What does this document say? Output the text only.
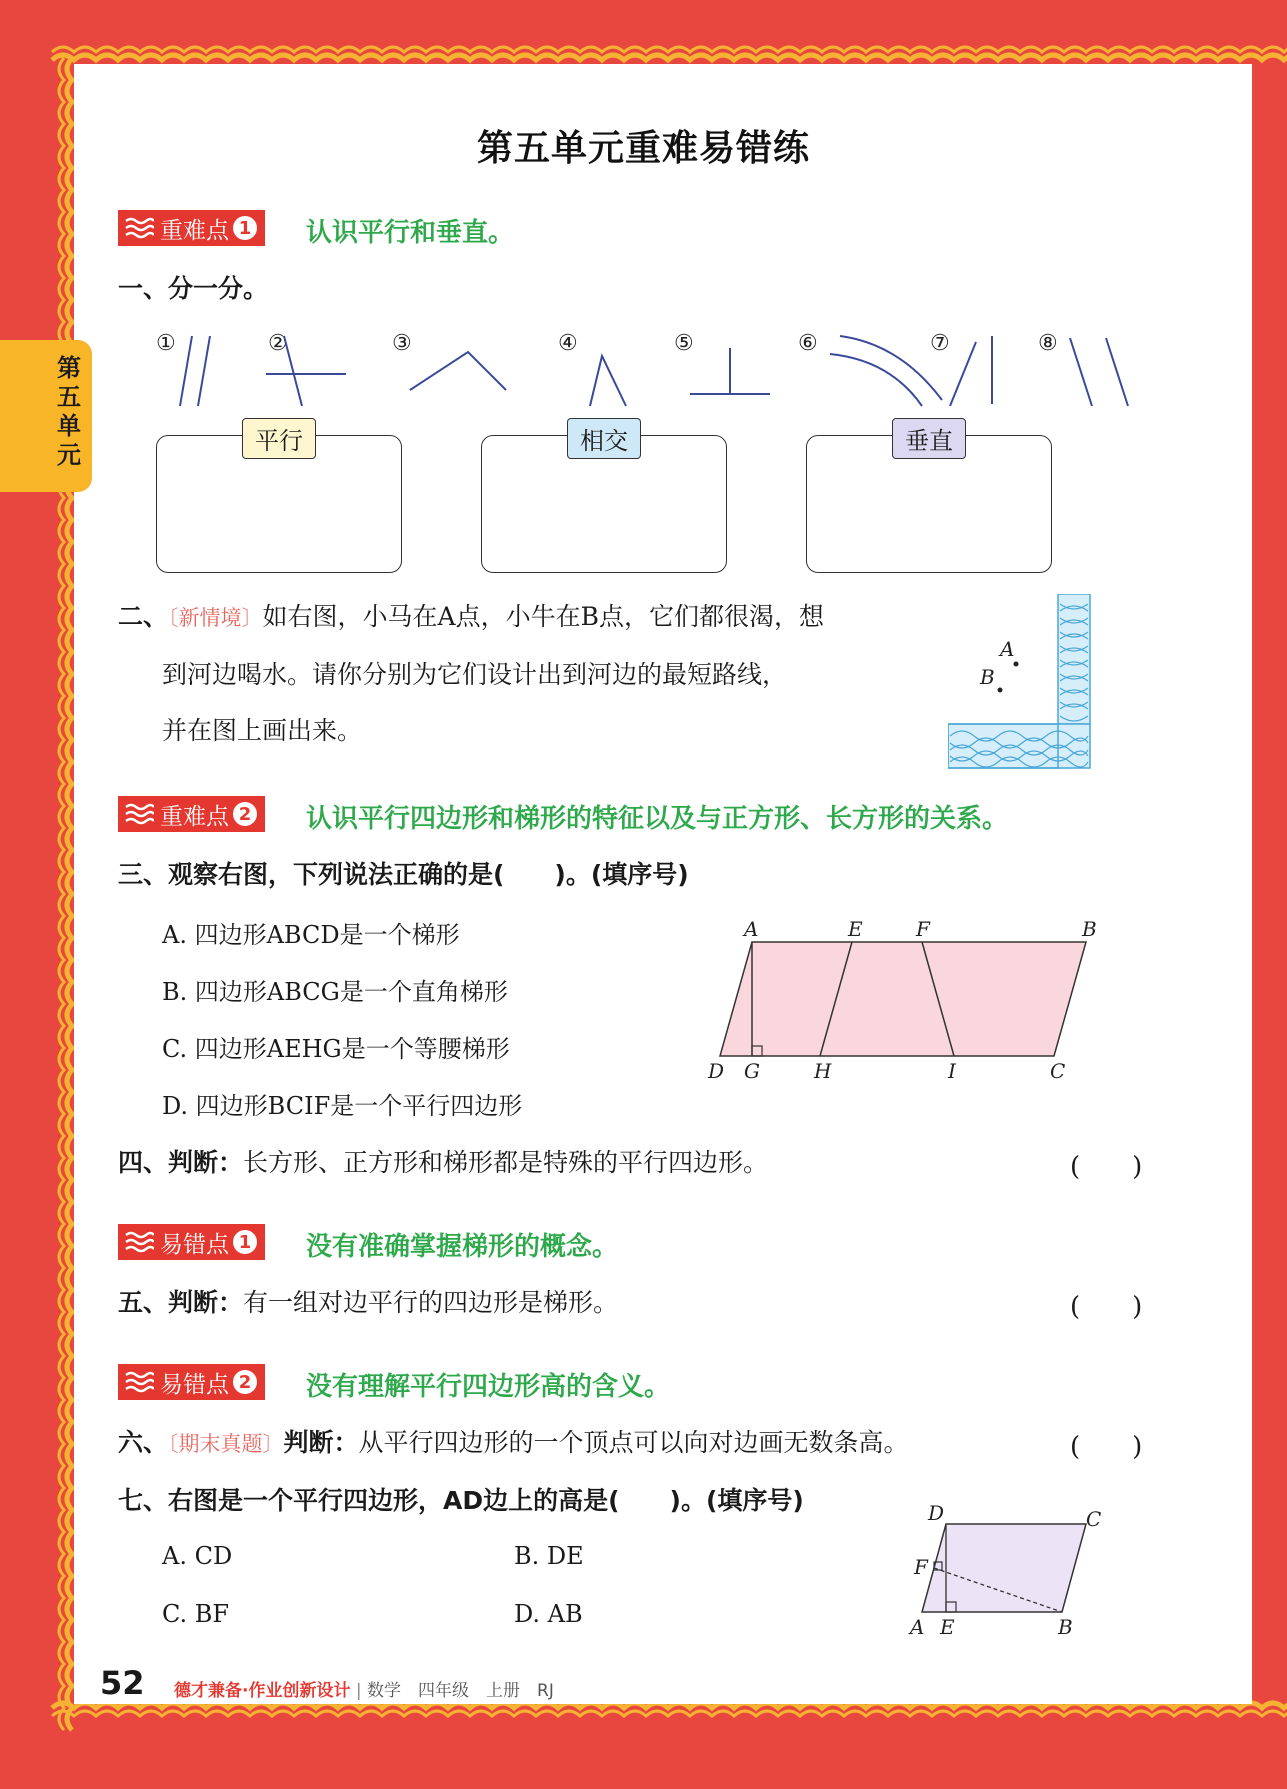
第五单元
第五单元重难易错练
重难点 1 认识平行和垂直。
一、分一分。
①	②	③	④	⑤	⑥	⑦	⑧
平行	相交	垂直
二、〔新情境〕如右图，小马在A点，小牛在B点，它们都很渴，想
到河边喝水。请你分别为它们设计出到河边的最短路线，
并在图上画出来。
A
B
重难点 2 认识平行四边形和梯形的特征以及与正方形、长方形的关系。
三、观察右图，下列说法正确的是(　　)。(填序号)
A. 四边形ABCD是一个梯形
B. 四边形ABCG是一个直角梯形
C. 四边形AEHG是一个等腰梯形
D. 四边形BCIF是一个平行四边形
A	E	F	B
D G	H	I	C
四、判断：长方形、正方形和梯形都是特殊的平行四边形。	(　　)
易错点 1 没有准确掌握梯形的概念。
五、判断：有一组对边平行的四边形是梯形。	(　　)
易错点 2 没有理解平行四边形高的含义。
六、〔期末真题〕判断：从平行四边形的一个顶点可以向对边画无数条高。	(　　)
七、右图是一个平行四边形，AD边上的高是(　　)。(填序号)
A. CD	B. DE
C. BF	D. AB
D	C
F
A E	B
52 德才兼备·作业创新设计 | 数学　四年级　上册　RJ
